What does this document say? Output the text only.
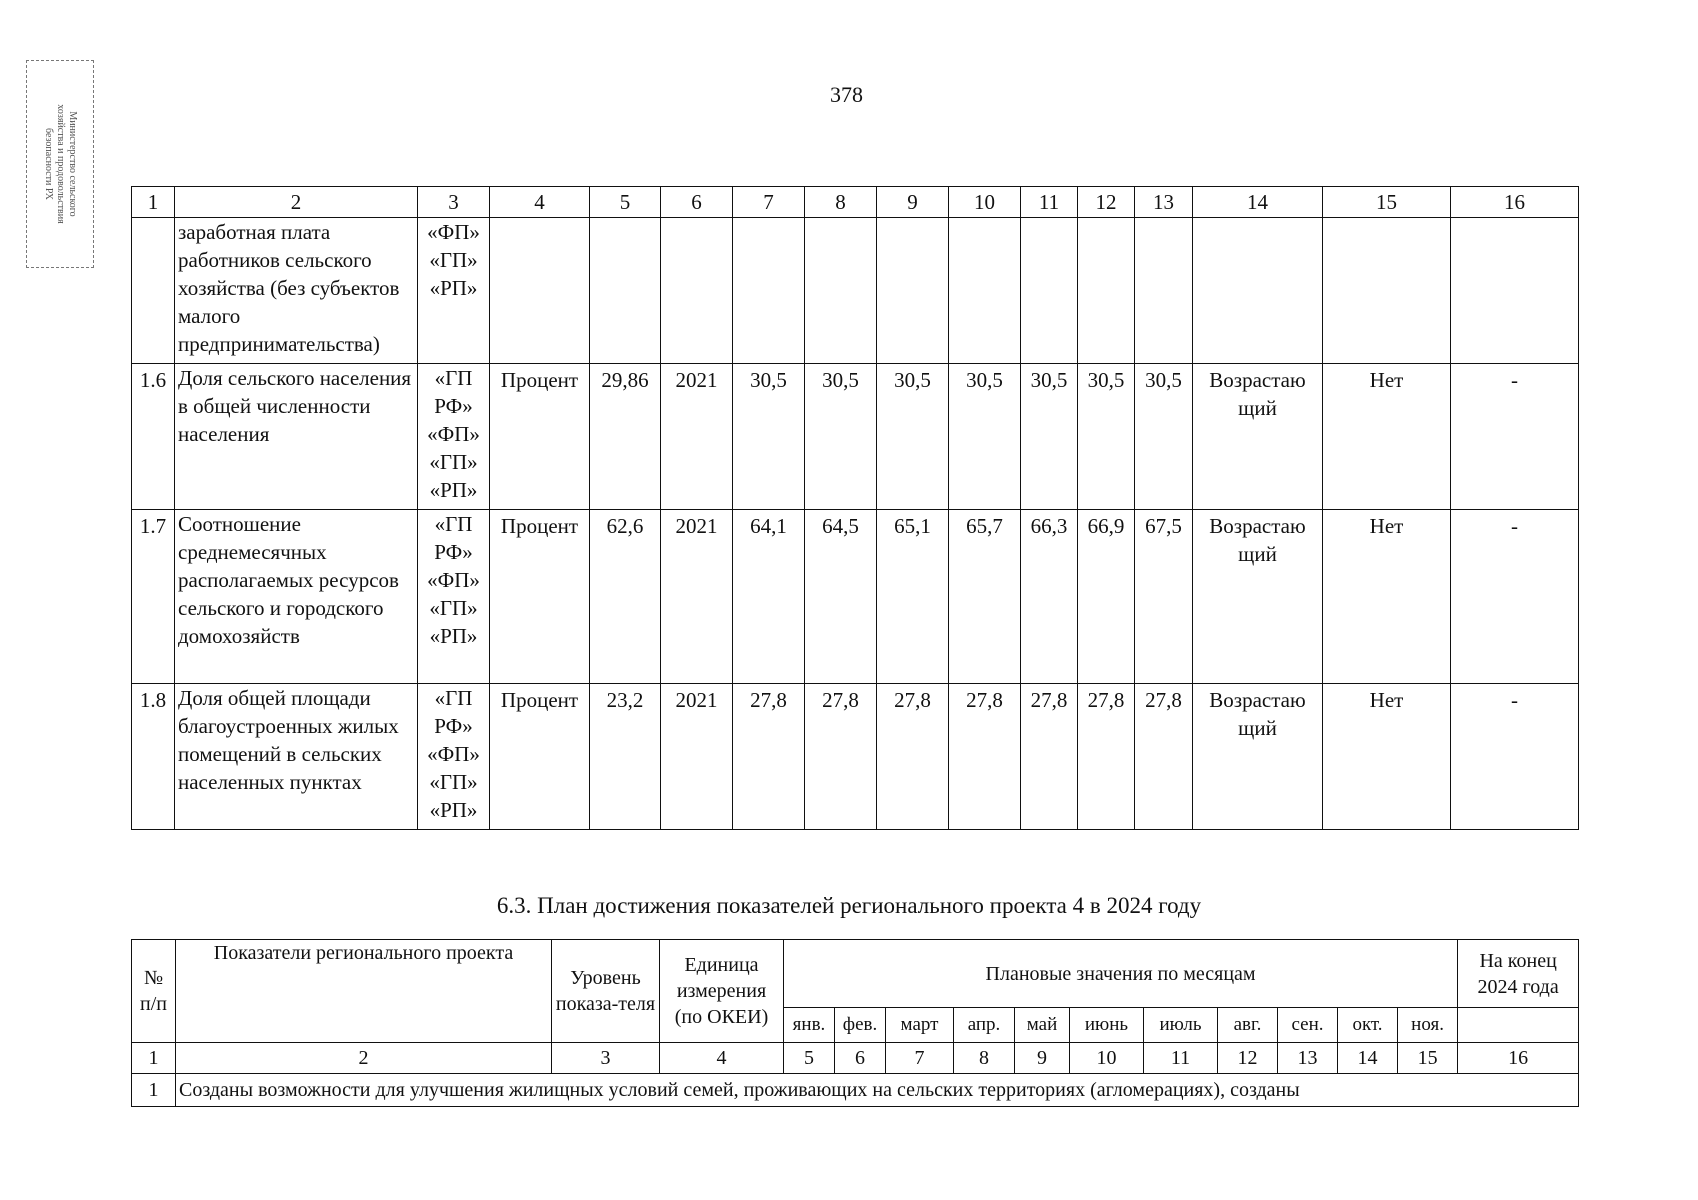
Министерство сельского
хозяйства и продовольствия
безопасности РХ
378
1	2	3	4	5	6	7	8	9	10	11	12	13	14	15	16
	заработная плата работников сельского хозяйства (без субъектов малого предпринимательства)	«ФП»
«ГП»
«РП»													

1.6	Доля сельского населения в общей численности населения	«ГП РФ»
«ФП»
«ГП»
«РП»	Процент	29,86	2021	30,5	30,5	30,5	30,5	30,5	30,5	30,5	Возрастаю щий	Нет	-
1.7	Соотношение среднемесячных располагаемых ресурсов сельского и городского домохозяйств	«ГП РФ»
«ФП»
«ГП»
«РП»	Процент	62,6	2021	64,1	64,5	65,1	65,7	66,3	66,9	67,5	Возрастаю щий	Нет	-
1.8	Доля общей площади благоустроенных жилых помещений в сельских населенных пунктах	«ГП РФ»
«ФП»
«ГП»
«РП»	Процент	23,2	2021	27,8	27,8	27,8	27,8	27,8	27,8	27,8	Возрастаю щий	Нет	-
6.3. План достижения показателей регионального проекта 4 в 2024 году
№ п/п	Показатели регионального проекта	Уровень показа-теля	Единица измерения (по ОКЕИ)	Плановые значения по месяцам											На конец 2024 года
				янв.	фев.	март	апр.	май	июнь	июль	авг.	сен.	окт.	ноя.	
1	2	3	4	5	6	7	8	9	10	11	12	13	14	15	16
1	Созданы возможности для улучшения жилищных условий семей, проживающих на сельских территориях (агломерациях), созданы														
